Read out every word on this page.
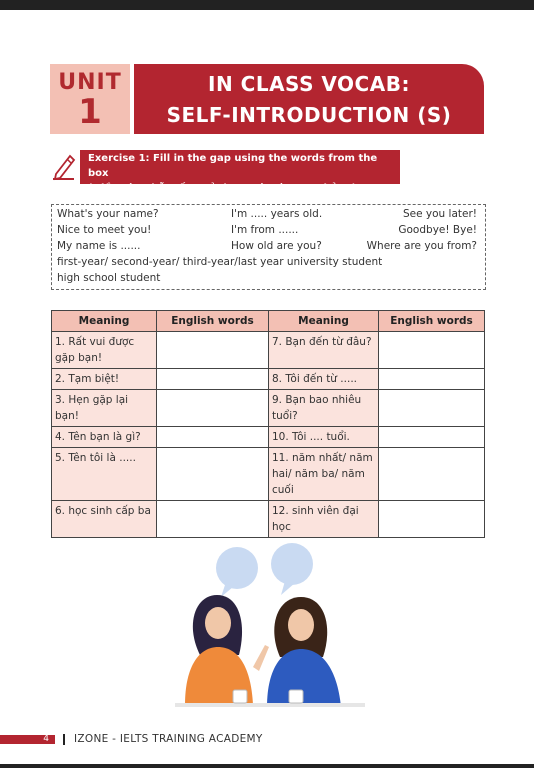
UNIT
1
IN CLASS VOCAB:
SELF-INTRODUCTION (S)
Exercise 1: Fill in the gap using the words from the box
(Điền vào chỗ trống sử dụng các từ trong bảng)
What's your name?	I'm ..... years old.	See you later!
Nice to meet you!	I'm from ......	Goodbye! Bye!
My name is ......	How old are you?	Where are you from?
first-year/ second-year/ third-year/last year university student
high school student
Meaning	English words	Meaning	English words
1. Rất vui được gặp bạn!		7. Bạn đến từ đâu?	
2. Tạm biệt!		8. Tôi đến từ .....	
3. Hẹn gặp lại bạn!		9. Bạn bao nhiêu tuổi?	
4. Tên bạn là gì?		10. Tôi .... tuổi.	
5. Tên tôi là .....		11. năm nhất/ năm hai/ năm ba/ năm cuối	
6. học sinh cấp ba		12. sinh viên đại học	
4	IZONE - IELTS TRAINING ACADEMY
